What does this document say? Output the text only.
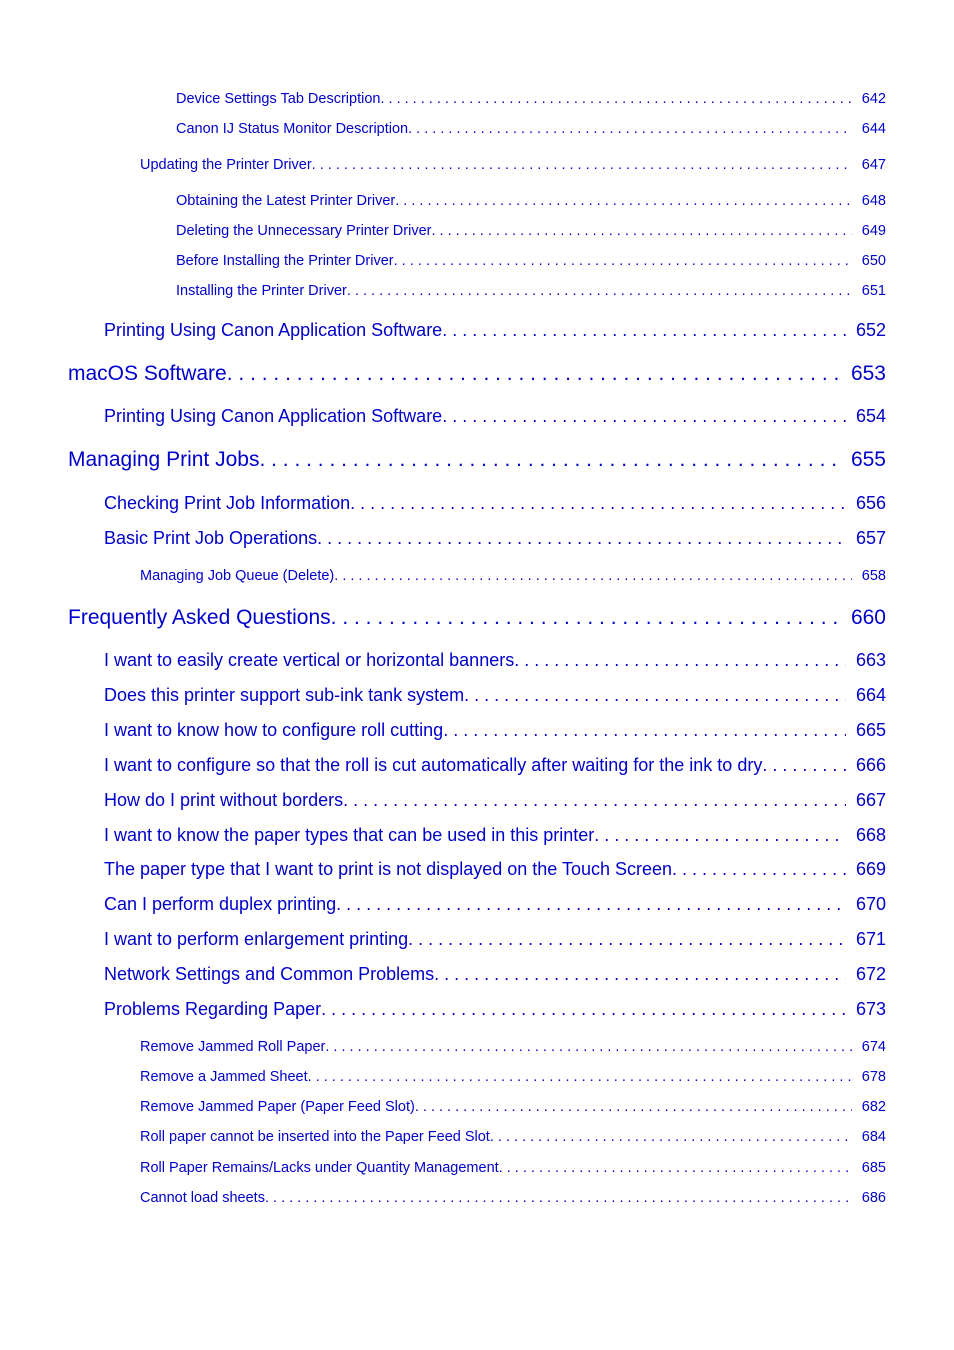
Device Settings Tab Description . . .	642
Canon IJ Status Monitor Description . . .	644
Updating the Printer Driver . . .	647
Obtaining the Latest Printer Driver . . .	648
Deleting the Unnecessary Printer Driver . . .	649
Before Installing the Printer Driver . . .	650
Installing the Printer Driver . . .	651
Printing Using Canon Application Software . . .	652
macOS Software . . .	653
Printing Using Canon Application Software . . .	654
Managing Print Jobs . . .	655
Checking Print Job Information . . .	656
Basic Print Job Operations . . .	657
Managing Job Queue (Delete) . . .	658
Frequently Asked Questions . . .	660
I want to easily create vertical or horizontal banners . . .	663
Does this printer support sub-ink tank system . . .	664
I want to know how to configure roll cutting . . .	665
I want to configure so that the roll is cut automatically after waiting for the ink to dry . . .	666
How do I print without borders . . .	667
I want to know the paper types that can be used in this printer . . .	668
The paper type that I want to print is not displayed on the Touch Screen . . .	669
Can I perform duplex printing . . .	670
I want to perform enlargement printing . . .	671
Network Settings and Common Problems . . .	672
Problems Regarding Paper . . .	673
Remove Jammed Roll Paper . . .	674
Remove a Jammed Sheet . . .	678
Remove Jammed Paper (Paper Feed Slot) . . .	682
Roll paper cannot be inserted into the Paper Feed Slot . . .	684
Roll Paper Remains/Lacks under Quantity Management . . .	685
Cannot load sheets . . .	686
